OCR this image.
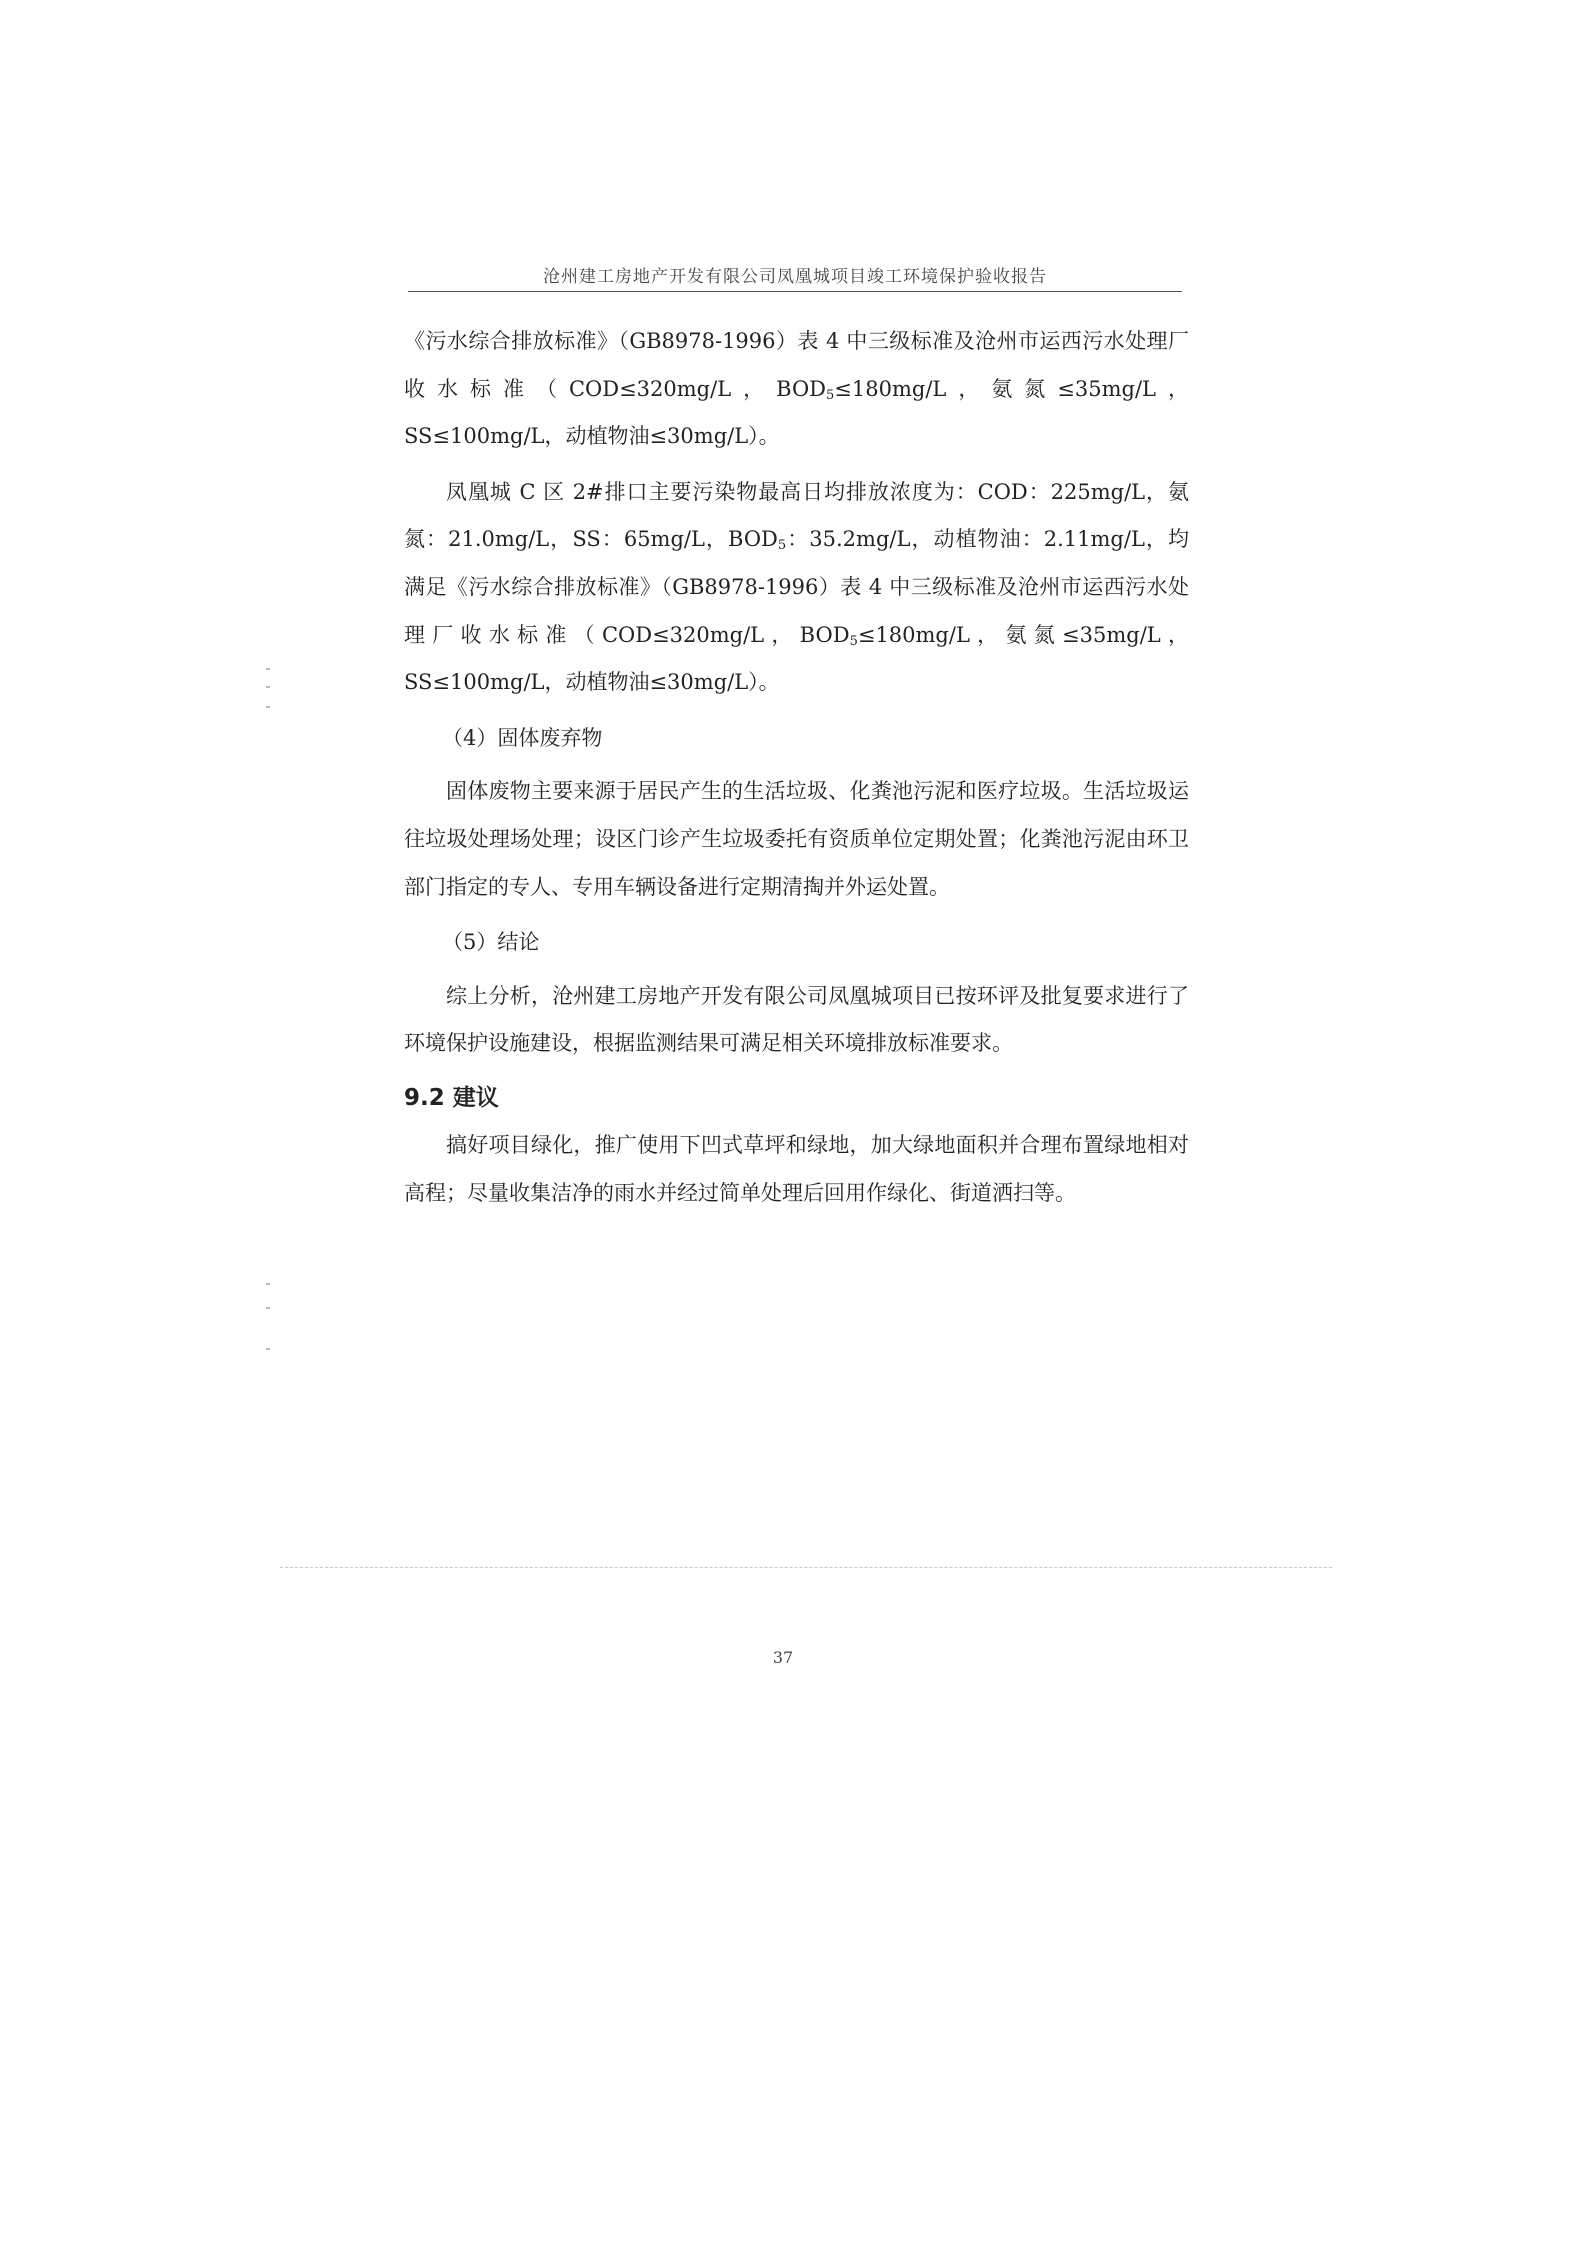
沧州建工房地产开发有限公司凤凰城项目竣工环境保护验收报告

《污水综合排放标准》（GB8978-1996）表 4 中三级标准及沧州市运西污水处理厂收水标准（COD≤320mg/L，$BOD_5\le 180mg/L$，氨氮≤35mg/L，SS≤100mg/L，动植物油≤30mg/L）。

凤凰城 C 区 2#排口主要污染物最高日均排放浓度为：COD：225mg/L，氨氮：21.0mg/L，SS：65mg/L，$BOD_5$：35.2mg/L，动植物油：2.11mg/L，均满足《污水综合排放标准》（GB8978-1996）表 4 中三级标准及沧州市运西污水处理厂收水标准（COD≤320mg/L，$BOD_5\le 180mg/L$，氨氮≤35mg/L，SS≤100mg/L，动植物油≤30mg/L）。

（4）固体废弃物

固体废物主要来源于居民产生的生活垃圾、化粪池污泥和医疗垃圾。生活垃圾运往垃圾处理场处理；设区门诊产生垃圾委托有资质单位定期处置；化粪池污泥由环卫部门指定的专人、专用车辆设备进行定期清掏并外运处置。

（5）结论

综上分析，沧州建工房地产开发有限公司凤凰城项目已按环评及批复要求进行了环境保护设施建设，根据监测结果可满足相关环境排放标准要求。

9.2 建议

搞好项目绿化，推广使用下凹式草坪和绿地，加大绿地面积并合理布置绿地相对高程；尽量收集洁净的雨水并经过简单处理后回用作绿化、街道洒扫等。

37
